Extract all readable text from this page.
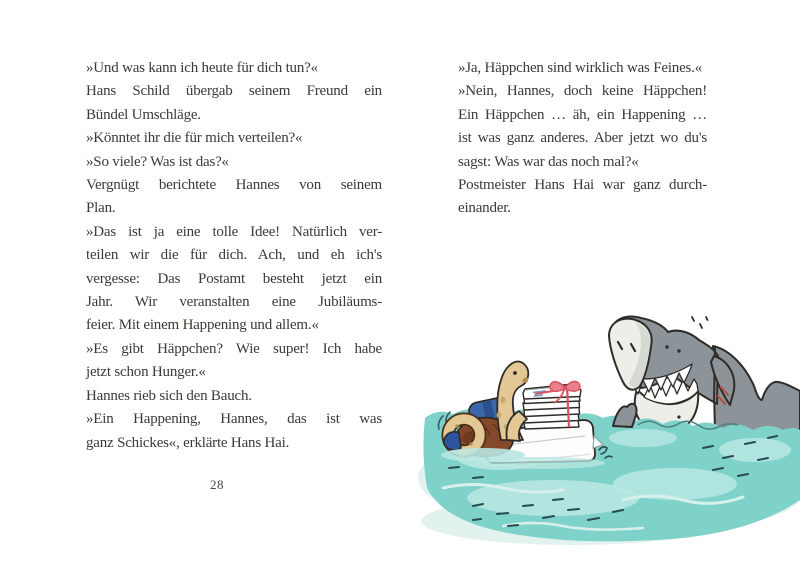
»Und was kann ich heute für dich tun?«
Hans Schild übergab seinem Freund ein
Bündel Umschläge.
»Könntet ihr die für mich verteilen?«
»So viele? Was ist das?«
Vergnügt berichtete Hannes von seinem
Plan.
»Das ist ja eine tolle Idee! Natürlich ver-
teilen wir die für dich. Ach, und eh ich's
vergesse: Das Postamt besteht jetzt ein
Jahr. Wir veranstalten eine Jubiläums-
feier. Mit einem Happening und allem.«
»Es gibt Häppchen? Wie super! Ich habe
jetzt schon Hunger.«
Hannes rieb sich den Bauch.
»Ein Happening, Hannes, das ist was
ganz Schickes«, erklärte Hans Hai.
28
»Ja, Häppchen sind wirklich was Feines.«
»Nein, Hannes, doch keine Häppchen!
Ein Häppchen … äh, ein Happening …
ist was ganz anderes. Aber jetzt wo du's
sagst: Was war das noch mal?«
Postmeister Hans Hai war ganz durch-
einander.
